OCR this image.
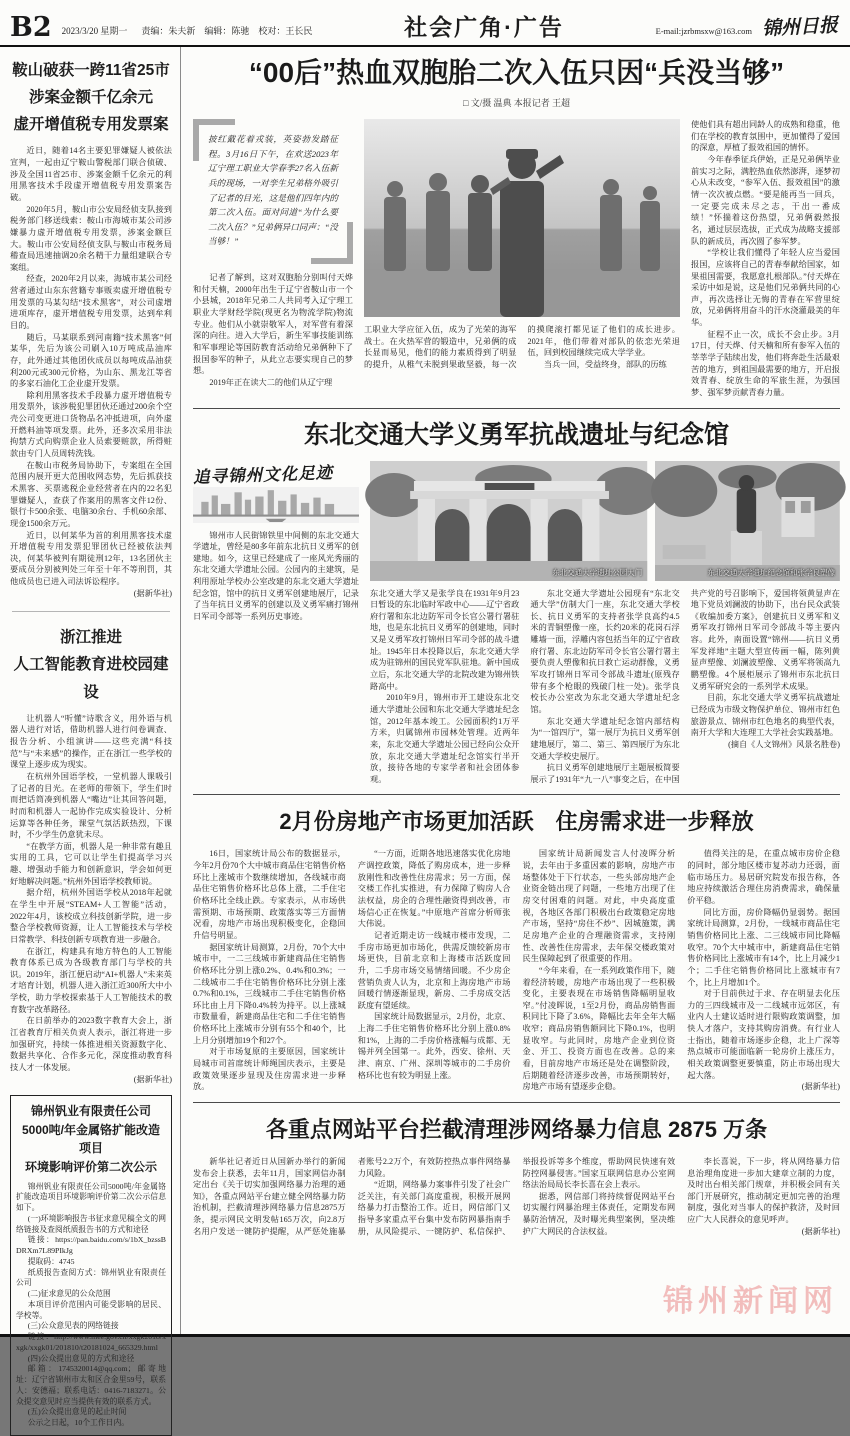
B2 2023/3/20 星期一 责编：朱夫新　编辑：陈驰　校对：王长民	社会广角·广告	E-mail:jzrbmsxw@163.com 锦州日报

鞍山破获一跨11省25市

涉案金额千亿余元

虚开增值税专用发票案

近日，随着14名主要犯罪嫌疑人被依法宣判，一起由辽宁鞍山警税部门联合侦破、涉及全国11省25市、涉案金额千亿余元的利用黑客技术手段虚开增值税专用发票案告破。

2020年5月，鞍山市公安局经侦支队接到税务部门移送线索：鞍山市海城市某公司涉嫌暴力虚开增值税专用发票，涉案金额巨大。鞍山市公安局经侦支队与鞍山市税务局稽查局迅速抽调20余名精干力量组建联合专案组。

经查，2020年2月以来，海城市某公司经营者通过山东东营籍专事贩卖虚开增值税专用发票的马某勾结“技术黑客”，对公司虚增进项库存，虚开增值税专用发票，达到牟利目的。

随后，马某联系到河南籍“技术黑客”何某华，先后为该公司刷入10万吨成品油库存，此外通过其他团伙成员以每吨成品油获利200元或300元价格，为山东、黑龙江等省的多家石油化工企业虚开发票。

除利用黑客技术手段暴力虚开增值税专用发票外，该涉税犯罪团伙还通过200余个空壳公司变更进口货物品名冲抵进项，向外虚开燃料油等项发票。此外，还多次采用非法拘禁方式向购票企业人员索要赃款，所得赃款由专门人员周转洗钱。

在鞍山市税务局协助下，专案组在全国范围内展开更大范围收网态势，先后抓获技术黑客、买票逃税企业经营者在内的22名犯罪嫌疑人，查获了作案用的黑客文件12份、银行卡500余张、电脑30余台、手机60余部、现金1500余万元。

近日，以何某华为首的利用黑客技术虚开增值税专用发票犯罪团伙已经被依法判决，何某华被判有期徒刑12年，13名团伙主要成员分别被判处三年至十年不等刑罚，其他成员也已进入司法诉讼程序。

(据新华社)

浙江推进

人工智能教育进校园建设

让机器人“听懂”诗歌含义，用外语与机器人进行对话，借助机器人进行问卷调查、报告分析、小组演讲——这些充满“科技范”与“未来感”的操作，正在浙江一些学校的课堂上逐步成为现实。

在杭州外国语学校，一堂机器人课吸引了记者的目光。在老师的带领下，学生们时而把话筒凑到机器人“嘴边”让其回答问题，时而和机器人一起协作完成实验设计、分析运算等各种任务，课堂气氛活跃热烈，下课时，不少学生仍意犹未尽。

“在教学方面，机器人是一种非常有趣且实用的工具，它可以让学生们提高学习兴趣、增强动手能力和创新意识，学会如何更好地解决问题。”杭州外国语学校教师说。

据介绍，杭州外国语学校从2018年起就在学生中开展“STEAM+人工智能”活动，2022年4月，该校成立科技创新学院，进一步整合学校教师资源，让人工智能技术与学校日常教学、科技创新专项教育进一步融合。

在浙江，构建具有地方特色的人工智能教育体系已成为各级教育部门与学校的共识。2019年，浙江便启动“AI+机器人”未来英才培育计划，机器人进入浙江近300所大中小学校，助力学校探索基于人工智能技术的教育数字改革路径。

在日前举办的2023数字教育大会上，浙江省教育厅相关负责人表示，浙江将进一步加强研究，持续一体推进相关资源数字化、数据共享化、合作多元化，深度推动教育科技人才一体发展。

(据新华社)

锦州钒业有限责任公司

5000吨/年金属铬扩能改造项目

环境影响评价第二次公示

锦州钒业有限责任公司5000吨/年金属铬扩能改造项目环境影响评价第二次公示信息如下。

(一)环境影响报告书征求意见稿全文的网络链接及查阅纸质报告书的方式和途径

链接：https://pan.baidu.com/s/1bX_bzssBDRXm7L89PIkJg

提取码：4745

纸质报告查阅方式：锦州钒业有限责任公司

(二)征求意见的公众范围

本项目评价范围内可能受影响的居民、学校等。

(三)公众意见表的网络链接

链接：http://www.mee.gov.cn/xxgk2018/xxgk/xxgk01/201810/t20181024_665329.html

(四)公众提出意见的方式和途径

邮箱：1745320014@qq.com；邮寄地址：辽宁省锦州市太和区合金里59号，联系人：安德福；联系电话：0416-7183271。公众提交意见时应当提供有效的联系方式。

(五)公众提出意见的起止时间

公示之日起，10个工作日内。

“00后”热血双胞胎二次入伍只因“兵没当够”
□ 文/摄 温典 本报记者 王超
披红戴花着戎装，英姿勃发踏征程。3月16日下午，在欢送2023年辽宁理工职业大学春季27名入伍新兵的现场，一对孪生兄弟格外吸引了记者的目光，这是他们四年内的第二次入伍。面对问道“为什么要二次入伍？”兄弟俩异口同声：“没当够！”

记者了解到，这对双胞胎分别叫付天烨和付天楠，2000年出生于辽宁省鞍山市一个小县城，2018年兄弟二人共同考入辽宁理工职业大学财经学院(现更名为物流学院)物流专业。他们从小就崇敬军人，对军营有着深深的向往。进入大学后，新生军事技能训练和军事理论等国防教育活动给兄弟俩种下了报国参军的种子，从此立志要实现自己的梦想。

2019年正在读大二的他们从辽宁理

工职业大学应征入伍，成为了光荣的海军战士。在火热军营的锻造中，兄弟俩的成长显而易见，他们的能力素质得到了明显的提升，从稚气未脱到果敢坚毅，每一次的摸爬滚打都见证了他们的成长进步。2021年，他们带着对部队的依恋光荣退伍，回到校园继续完成大学学业。

当兵一回，受益终身，部队的历练

使他们具有超出同龄人的成熟和稳重，他们在学校的教育氛围中，更加懂得了爱国的深意，厚植了报效祖国的情怀。

今年春季征兵伊始，正是兄弟俩毕业前实习之际，满腔热血依然澎湃，逐梦初心从未改变，“参军入伍、报效祖国”的激情一次次被点燃。“要是能再当一回兵，一定要完成未尽之志，干出一番成绩！”怀揣着这份热望，兄弟俩毅然报名，通过层层选拔，正式成为战略支援部队的新成员，再次圆了参军梦。

“学校让我们懂得了年轻人应当爱国报国，应该将自己的青春奉献给国家，如果祖国需要，我愿意扎根部队。”付天烨在采访中如是说，这是他们兄弟俩共同的心声，再次选择让无悔的青春在军营里绽放，兄弟俩将用奋斗的汗水浇灌最美的年华。

征程不止一次，成长不会止步。3月17日，付天烨、付天楠和所有参军入伍的莘莘学子陆续出发，他们将奔赴生活最艰苦的地方，到祖国最需要的地方，开启报效青春、绽放生命的军旅生涯，为强国梦、强军梦贡献青春力量。

东北交通大学义勇军抗战遗址与纪念馆
追寻锦州文化足迹

锦州市人民街锦铁里中间侧的东北交通大学遗址，曾经是80多年前东北抗日义勇军的创建地。如今，这里已经建成了一座风光秀丽的东北交通大学遗址公园。公园内的主建筑，是利用原址学校办公室改建的东北交通大学遗址纪念馆，馆中的抗日义勇军创建地展厅，记录了当年抗日义勇军的创建以及义勇军痛打锦州日军司令部等一系列历史事迹。

东北交通大学遗址公园大门	东北交通大学遗址纪念馆和张学良塑像

东北交通大学又是张学良在1931年9月23日暂设的东北临时军政中心——辽宁省政府行署和东北边防军司令长官公署行署驻地，也是东北抗日义勇军的创建地，同时又是义勇军攻打锦州日军司令部的战斗遗址。1945年日本投降以后，东北交通大学成为驻锦州的国民党军队驻地。新中国成立后，东北交通大学的北院改建为锦州铁路高中。

2010年9月，锦州市开工建设东北交通大学遗址公园和东北交通大学遗址纪念馆，2012年基本竣工。公园面积约1万平方米，归属锦州市园林处管理。近两年来，东北交通大学遗址公园已经向公众开放，东北交通大学遗址纪念馆实行半开放，接待各地的专家学者和社会团体参观。

东北交通大学遗址公园现有“东北交通大学”仿制大门一座，东北交通大学校长、抗日义勇军的支持者张学良高约4.5米的青铜塑像一座，长约20米的花岗石浮雕墙一面，浮雕内容包括当年的辽宁省政府行署、东北边防军司令长官公署行署主要负责人塑像和抗日救亡运动群像，义勇军攻打锦州日军司令部战斗遗址(原残存带有多个枪眼的残破门柱一处)。张学良校长办公室改为东北交通大学遗址纪念馆。

东北交通大学遗址纪念馆内部结构为“一馆四厅”，第一展厅为抗日义勇军创建地展厅，第二、第三、第四展厅为东北交通大学校史展厅。

抗日义勇军创建地展厅主题展板简要展示了1931年“九一八”事变之后，在中国共产党的号召影响下，爱国将领黄显声在地下党员刘澜波的协助下，出台民众武装《收编加委方案》，创建抗日义勇军和义勇军攻打锦州日军司令部战斗等主要内容。此外，南面设置“锦州——抗日义勇军发祥地”主题大型宣传画一幅，陈列黄显声塑像、刘澜波塑像、义勇军将领高九鹏塑像。4个展柜展示了锦州市东北抗日义勇军研究会的一系列学术成果。

目前，东北交通大学义勇军抗战遗址已经成为市级文物保护单位、锦州市红色旅游景点、锦州市红色地名的典型代表，南开大学和大连理工大学社会实践基地。

(摘自《人文锦州》风景名胜卷)

2月份房地产市场更加活跃　住房需求进一步释放

16日，国家统计局公布的数据显示，今年2月份70个大中城市商品住宅销售价格环比上涨城市个数继续增加，各线城市商品住宅销售价格环比总体上涨，二手住宅价格环比全线止跌。专家表示，从市场供需预期、市场预期、政策落实等三方面情况看，房地产市场出现积极变化，企稳回升信号明显。

据国家统计局测算，2月份，70个大中城市中，一二三线城市新建商品住宅销售价格环比分别上涨0.2%、0.4%和0.3%；一二线城市二手住宅销售价格环比分别上涨0.7%和0.1%，三线城市二手住宅销售价格环比由上月下降0.4%转为持平。以上涨城市数量看，新建商品住宅和二手住宅销售价格环比上涨城市分别有55个和40个，比上月分别增加19个和27个。

对于市场复原的主要原因，国家统计局城市司首席统计师绳国庆表示，主要是政策效果逐步显现及住房需求进一步释放。

“一方面，近期各地迅速落实优化房地产调控政策，降低了购房成本，进一步释放刚性和改善性住房需求；另一方面，保交楼工作扎实推进，有力保障了购房人合法权益，房企的合理性融资得到改善，市场信心正在恢复。”中原地产首席分析师张大伟说。

记者近期走访一线城市楼市发现，二手房市场更加市场化，供需反馈较新房市场更快，目前北京和上海楼市活跃度回升，二手房市场交易情绪回暖。不少房企营销负责人认为，北京和上海房地产市场回暖行情逐渐显现，新房、二手房成交活跃度有望延续。

国家统计局数据显示，2月份，北京、上海二手住宅销售价格环比分别上涨0.8%和1%，上海的二手房价格涨幅与成都、无锡并列全国第一。此外，西安、徐州、天津、南京、广州、深圳等城市的二手房价格环比也有较为明显上涨。

国家统计局新闻发言人付凌晖分析说，去年由于多重因素的影响，房地产市场整体处于下行状态，一些头部房地产企业资金链出现了问题，一些地方出现了住房交付困难的问题。对此，中央高度重视，各地区各部门积极出台政策稳定房地产市场，坚持“房住不炒”、因城施策，满足房地产企业的合理融资需求，支持刚性、改善性住房需求，去年保交楼政策对民生保障起到了很重要的作用。

“今年来看，在一系列政策作用下，随着经济转暖，房地产市场出现了一些积极变化，主要表现在市场销售降幅明显收窄。”付凌晖说，1至2月份，商品房销售面积同比下降了3.6%，降幅比去年全年大幅收窄；商品房销售额同比下降0.1%，也明显收窄。与此同时，房地产企业到位资金、开工、投资方面也在改善。总的来看，目前房地产市场还是处在调整阶段，后期随着经济逐步改善，市场预期转好，房地产市场有望逐步企稳。

值得关注的是，在重点城市房价企稳的同时，部分地区楼市复苏动力还弱，面临市场压力。易居研究院发布报告称，各地应持续激活合理住房消费需求，确保量价平稳。

同比方面，房价降幅仍显弱势。据国家统计局测算，2月份，一线城市商品住宅销售价格同比上涨、二三线城市同比降幅收窄。70个大中城市中，新建商品住宅销售价格同比上涨城市有14个，比上月减少1个；二手住宅销售价格同比上涨城市有7个，比上月增加1个。

对于目前供过于求、存在明显去化压力的三四线城市及一二线城市远郊区，有业内人士建议适时进行限购政策调整，加快人才落户，支持其购房消费。有行业人士指出，随着市场逐步企稳，北上广深等热点城市可能面临新一轮房价上涨压力，相关政策调整更要慎重，防止市场出现大起大落。

(据新华社)

各重点网站平台拦截清理涉网络暴力信息 2875 万条

新华社记者近日从国新办举行的新闻发布会上获悉，去年11月，国家网信办制定出台《关于切实加强网络暴力治理的通知》，各重点网站平台建立健全网络暴力防治机制，拦截清理涉网络暴力信息2875万条，提示网民文明发帖165万次，向2.8万名用户发送一键防护提醒，从严惩处施暴者账号2.2万个，有效防控热点事件网络暴力风险。

“近期，网络暴力案事件引发了社会广泛关注，有关部门高度重视，积极开展网络暴力打击整治工作。近日，网信部门又指导多家重点平台集中发布防网暴指南手册，从风险提示、一键防护、私信保护、举报投诉等多个维度，帮助网民快速有效防控网暴侵害。”国家互联网信息办公室网络法治局局长李长喜在会上表示。

据悉，网信部门将持续督促网站平台切实履行网暴治理主体责任，定期发布网暴防治情况，及时曝光典型案例，坚决维护广大网民的合法权益。

李长喜说，下一步，将从网络暴力信息治理角度进一步加大建章立制的力度，及时出台相关部门规章，并积极会同有关部门开展研究，推动制定更加完善的治理制度，强化对当事人的保护救济，及时回应广大人民群众的意见呼声。

(据新华社)

锦州新闻网
